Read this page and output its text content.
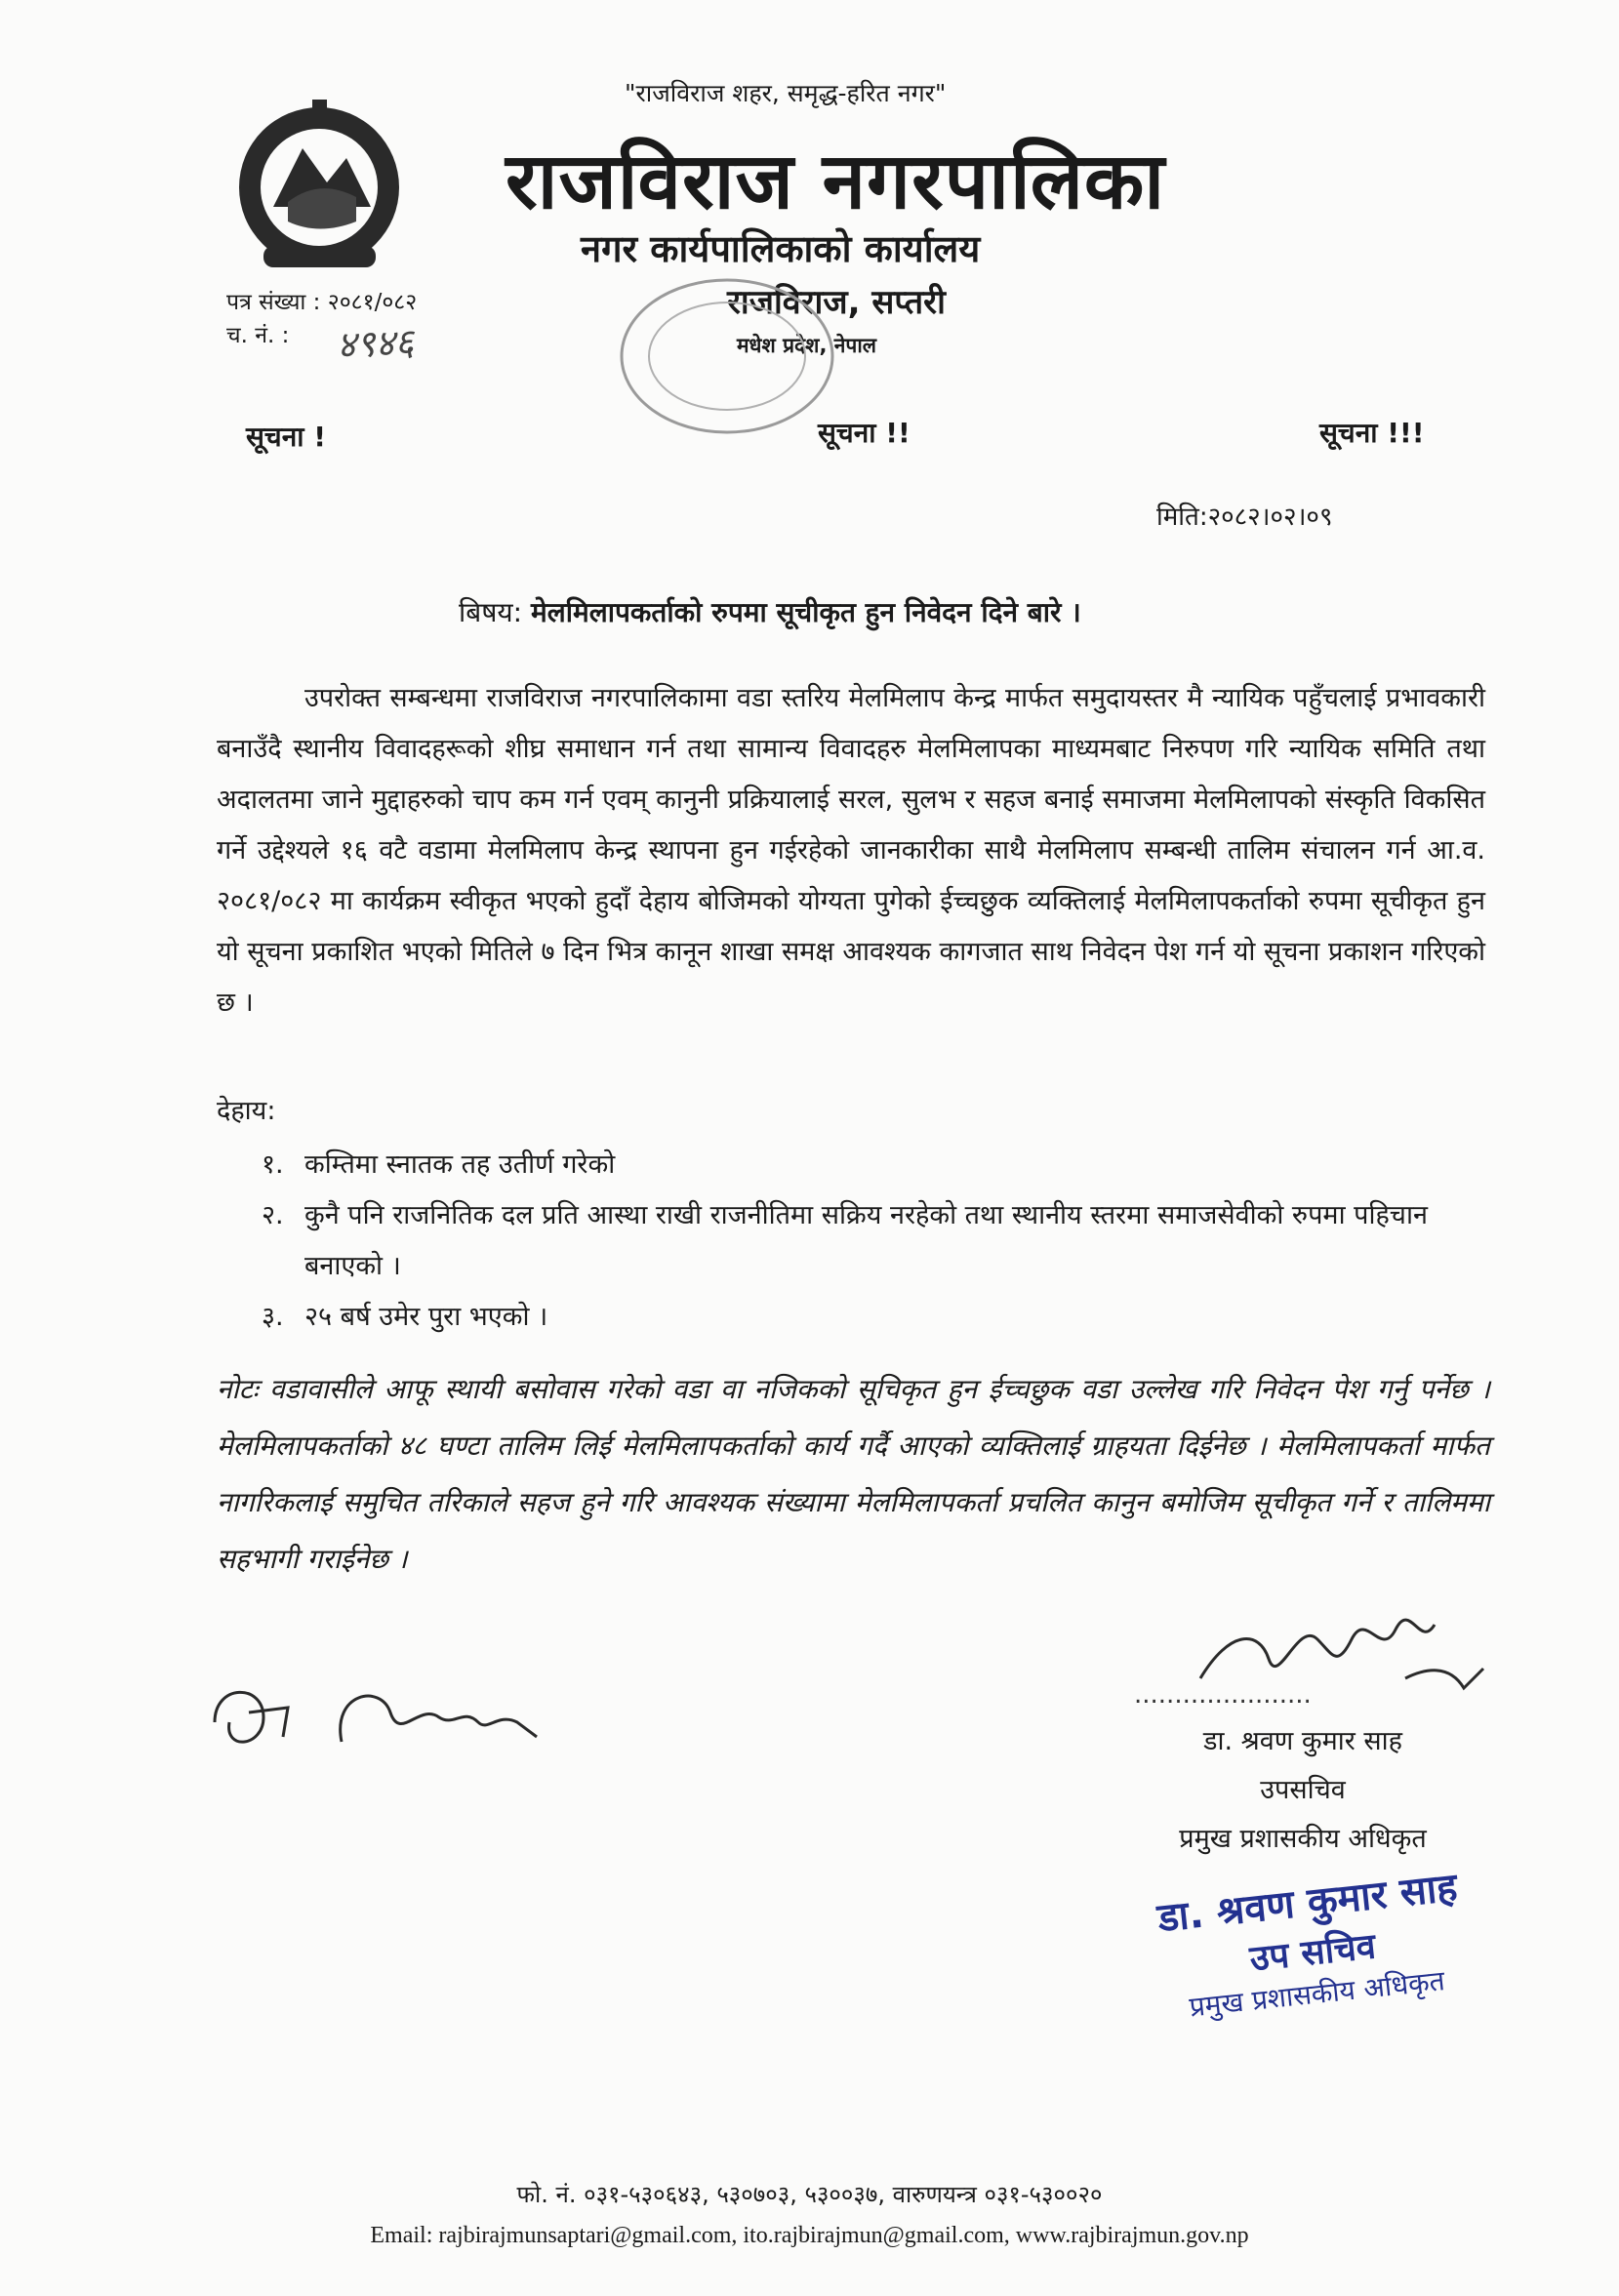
"राजविराज शहर, समृद्ध-हरित नगर"
राजविराज नगरपालिका
नगर कार्यपालिकाको कार्यालय
राजविराज, सप्तरी
मधेश प्रदेश, नेपाल
पत्र संख्या : २०८१/०८२
च. नं. :	४९४६
सूचना !	सूचना !!	सूचना !!!
मिति:२०८२।०२।०९
बिषय: मेलमिलापकर्ताको रुपमा सूचीकृत हुन निवेदन दिने बारे ।

उपरोक्त सम्बन्धमा राजविराज नगरपालिकामा वडा स्तरिय मेलमिलाप केन्द्र मार्फत समुदायस्तर मै न्यायिक पहुँचलाई प्रभावकारी बनाउँदै स्थानीय विवादहरूको शीघ्र समाधान गर्न तथा सामान्य विवादहरु मेलमिलापका माध्यमबाट निरुपण गरि न्यायिक समिति तथा अदालतमा जाने मुद्दाहरुको चाप कम गर्न एवम् कानुनी प्रक्रियालाई सरल, सुलभ र सहज बनाई समाजमा मेलमिलापको संस्कृति विकसित गर्ने उद्देश्यले १६ वटै वडामा मेलमिलाप केन्द्र स्थापना हुन गईरहेको जानकारीका साथै मेलमिलाप सम्बन्धी तालिम संचालन गर्न आ.व. २०८१/०८२ मा कार्यक्रम स्वीकृत भएको हुदाँ देहाय बोजिमको योग्यता पुगेको ईच्चछुक व्यक्तिलाई मेलमिलापकर्ताको रुपमा सूचीकृत हुन यो सूचना प्रकाशित भएको मितिले ७ दिन भित्र कानून शाखा समक्ष आवश्यक कागजात साथ निवेदन पेश गर्न यो सूचना प्रकाशन गरिएको छ ।

देहाय:
१. कम्तिमा स्नातक तह उतीर्ण गरेको
२. कुनै पनि राजनितिक दल प्रति आस्था राखी राजनीतिमा सक्रिय नरहेको तथा स्थानीय स्तरमा समाजसेवीको रुपमा पहिचान बनाएको ।
३. २५ बर्ष उमेर पुरा भएको ।
नोटः वडावासीले आफू स्थायी बसोवास गरेको वडा वा नजिकको सूचिकृत हुन ईच्चछुक वडा उल्लेख गरि निवेदन पेश गर्नु पर्नेछ । मेलमिलापकर्ताको ४८ घण्टा तालिम लिई मेलमिलापकर्ताको कार्य गर्दै आएको व्यक्तिलाई ग्राहयता दिईनेछ । मेलमिलापकर्ता मार्फत नागरिकलाई समुचित तरिकाले सहज हुने गरि आवश्यक संख्यामा मेलमिलापकर्ता प्रचलित कानुन बमोजिम सूचीकृत गर्ने र तालिममा सहभागी गराईनेछ ।
......................
डा. श्रवण कुमार साह
उपसचिव
प्रमुख प्रशासकीय अधिकृत
डा. श्रवण कुमार साह
उप सचिव
प्रमुख प्रशासकीय अधिकृत
फो. नं. ०३१-५३०६४३, ५३०७०३, ५३००३७, वारुणयन्त्र ०३१-५३००२०
Email: rajbirajmunsaptari@gmail.com, ito.rajbirajmun@gmail.com, www.rajbirajmun.gov.np
